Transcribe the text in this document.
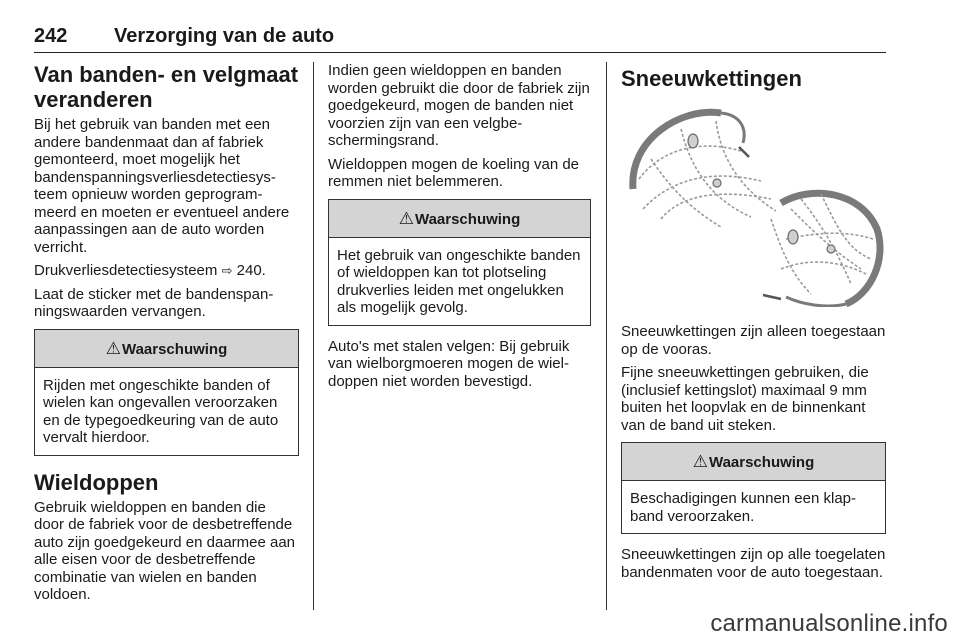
242 Verzorging van de auto
Van banden- en velgmaat veranderen

Bij het gebruik van banden met een andere bandenmaat dan af fabriek gemonteerd, moet mogelijk het bandenspanningsverliesdetectiesysteem opnieuw worden geprogrammeerd en moeten er eventueel andere aanpassingen aan de auto worden verricht.

Drukverliesdetectiesysteem ⇨ 240.

Laat de sticker met de bandenspanningswaarden vervangen.

⚠Waarschuwing
Rijden met ongeschikte banden of wielen kan ongevallen veroorzaken en de typegoedkeuring van de auto vervalt hierdoor.
Wieldoppen

Gebruik wieldoppen en banden die door de fabriek voor de desbetreffende auto zijn goedgekeurd en daarmee aan alle eisen voor de desbetreffende combinatie van wielen en banden voldoen.

Indien geen wieldoppen en banden worden gebruikt die door de fabriek zijn goedgekeurd, mogen de banden niet voorzien zijn van een velgbeschermingsrand.

Wieldoppen mogen de koeling van de remmen niet belemmeren.

⚠Waarschuwing
Het gebruik van ongeschikte banden of wieldoppen kan tot plotseling drukverlies leiden met ongelukken als mogelijk gevolg.

Auto's met stalen velgen: Bij gebruik van wielborgmoeren mogen de wieldoppen niet worden bevestigd.

Sneeuwkettingen

Sneeuwkettingen zijn alleen toegestaan op de vooras.

Fijne sneeuwkettingen gebruiken, die (inclusief kettingslot) maximaal 9 mm buiten het loopvlak en de binnenkant van de band uit steken.

⚠Waarschuwing
Beschadigingen kunnen een klapband veroorzaken.

Sneeuwkettingen zijn op alle toegelaten bandenmaten voor de auto toegestaan.

carmanualsonline.info
